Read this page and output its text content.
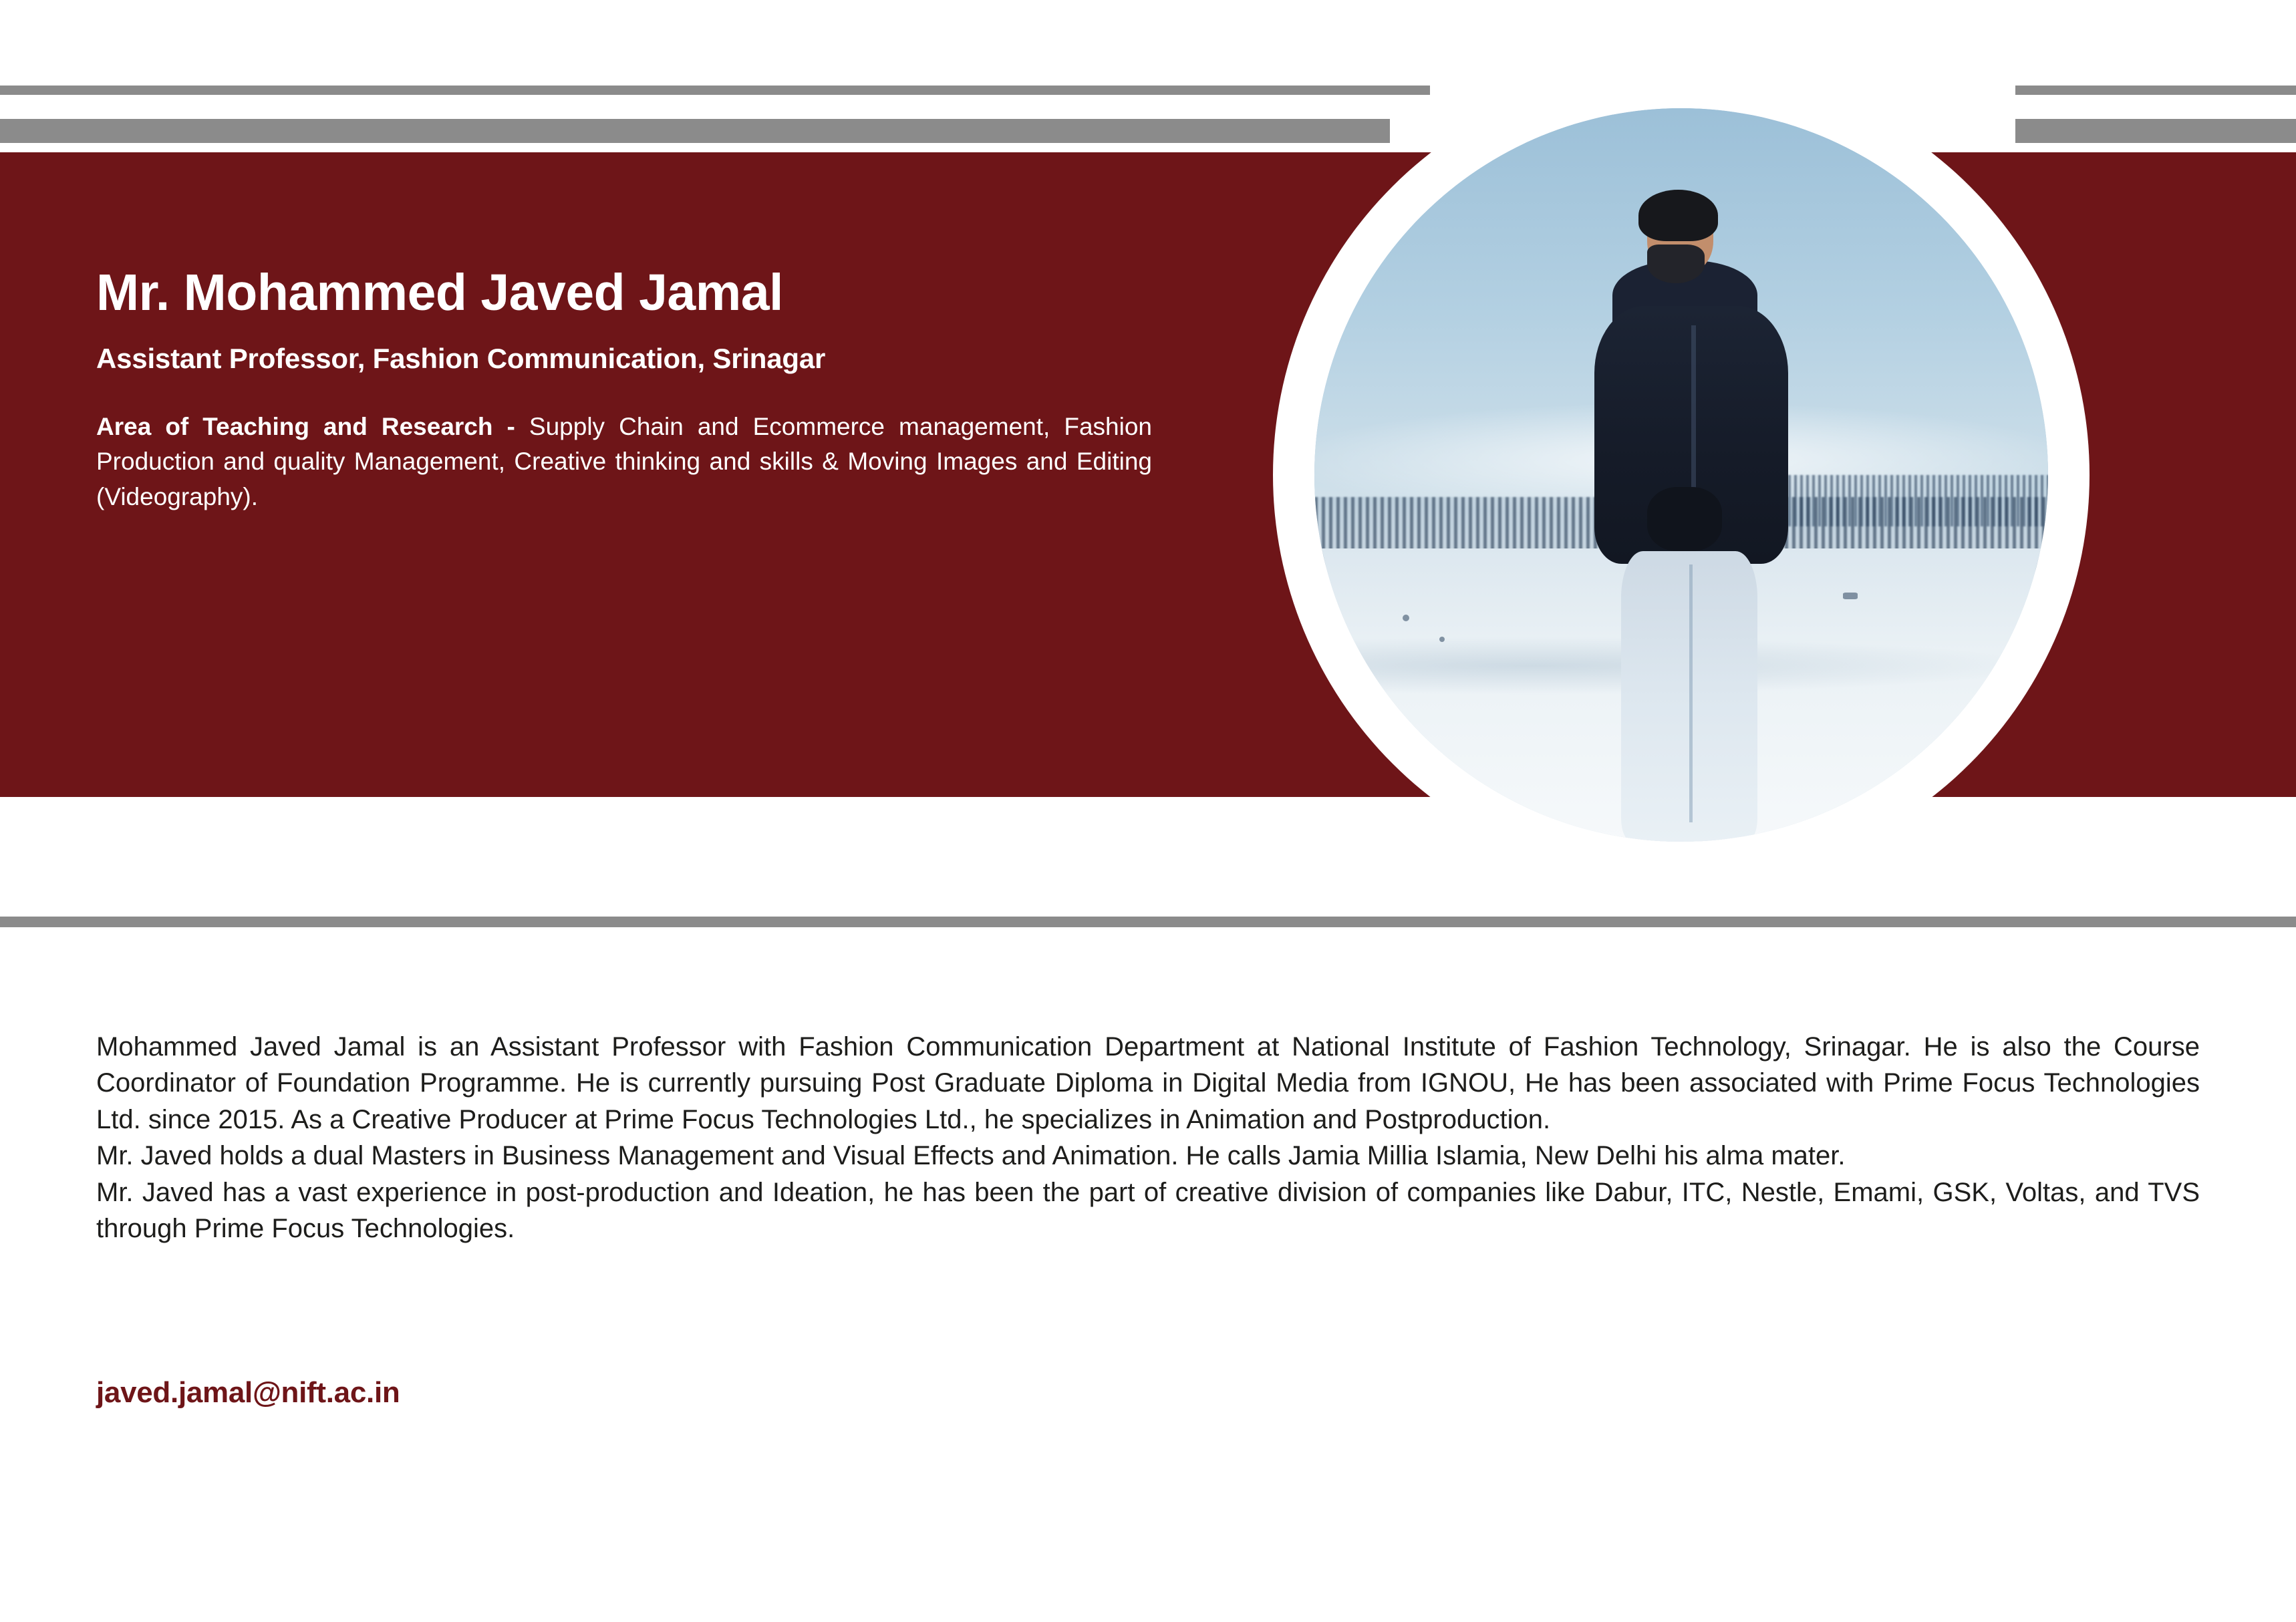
Mr. Mohammed Javed Jamal
Assistant Professor, Fashion Communication, Srinagar

Area of Teaching and Research - Supply Chain and Ecommerce management, Fashion Production and quality Management, Creative thinking and skills & Moving Images and Editing (Videography).

Mohammed Javed Jamal is an Assistant Professor with Fashion Communication Department at National Institute of Fashion Technology, Srinagar. He is also the Course Coordinator of Foundation Programme. He is currently pursuing Post Graduate Diploma in Digital Media from IGNOU, He has been associated with Prime Focus Technologies Ltd. since 2015. As a Creative Producer at Prime Focus Technologies Ltd., he specializes in Animation and Postproduction.

Mr. Javed holds a dual Masters in Business Management and Visual Effects and Animation. He calls Jamia Millia Islamia, New Delhi his alma mater.

Mr. Javed has a vast experience in post-production and Ideation, he has been the part of creative division of companies like Dabur, ITC, Nestle, Emami, GSK, Voltas, and TVS through Prime Focus Technologies.

javed.jamal@nift.ac.in
